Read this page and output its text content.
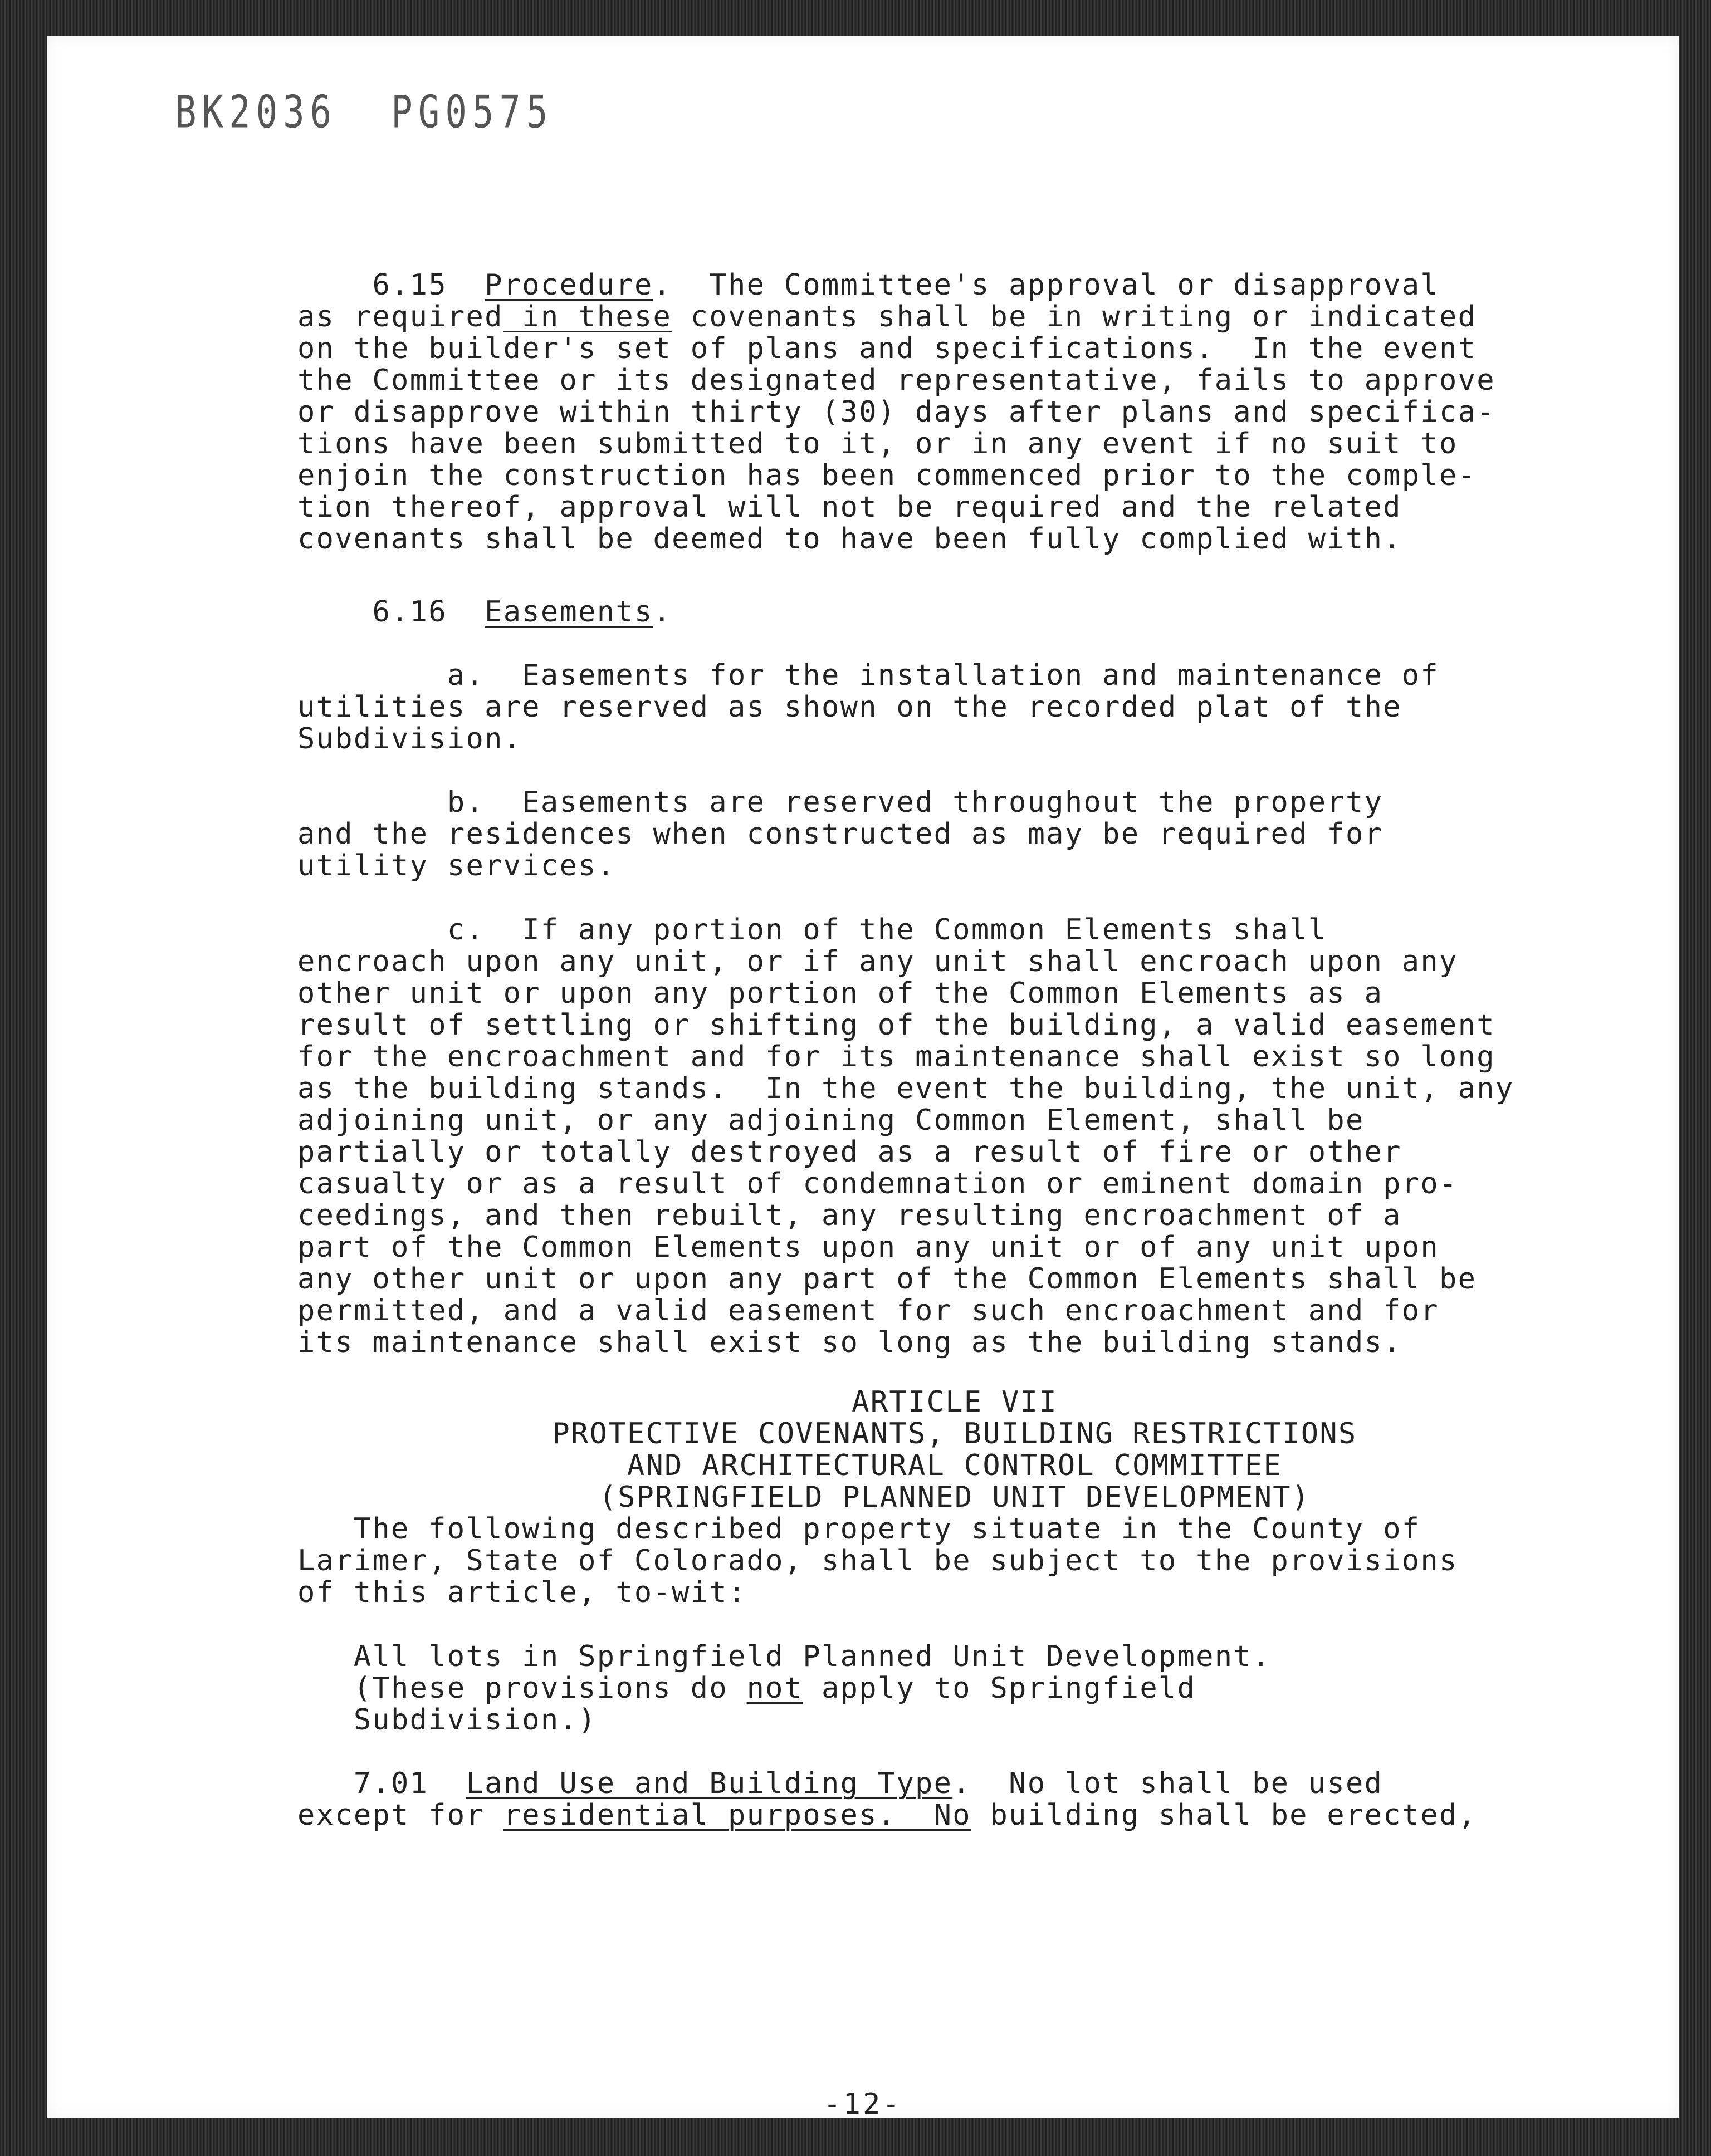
BK2036  PG0575
6.15 Procedure.  The Committee's approval or disapproval
as required in these covenants shall be in writing or indicated
on the builder's set of plans and specifications.  In the event
the Committee or its designated representative, fails to approve
or disapprove within thirty (30) days after plans and specifica-
tions have been submitted to it, or in any event if no suit to
enjoin the construction has been commenced prior to the comple-
tion thereof, approval will not be required and the related
covenants shall be deemed to have been fully complied with.
6.16 Easements.
a.  Easements for the installation and maintenance of
utilities are reserved as shown on the recorded plat of the
Subdivision.
b.  Easements are reserved throughout the property
and the residences when constructed as may be required for
utility services.
c.  If any portion of the Common Elements shall
encroach upon any unit, or if any unit shall encroach upon any
other unit or upon any portion of the Common Elements as a
result of settling or shifting of the building, a valid easement
for the encroachment and for its maintenance shall exist so long
as the building stands.  In the event the building, the unit, any
adjoining unit, or any adjoining Common Element, shall be
partially or totally destroyed as a result of fire or other
casualty or as a result of condemnation or eminent domain pro-
ceedings, and then rebuilt, any resulting encroachment of a
part of the Common Elements upon any unit or of any unit upon
any other unit or upon any part of the Common Elements shall be
permitted, and a valid easement for such encroachment and for
its maintenance shall exist so long as the building stands.
ARTICLE VII
PROTECTIVE COVENANTS, BUILDING RESTRICTIONS
AND ARCHITECTURAL CONTROL COMMITTEE
(SPRINGFIELD PLANNED UNIT DEVELOPMENT)
The following described property situate in the County of
Larimer, State of Colorado, shall be subject to the provisions
of this article, to-wit:
All lots in Springfield Planned Unit Development.
(These provisions do not apply to Springfield
Subdivision.)
7.01 Land Use and Building Type.  No lot shall be used
except for residential purposes.  No building shall be erected,
-12-
